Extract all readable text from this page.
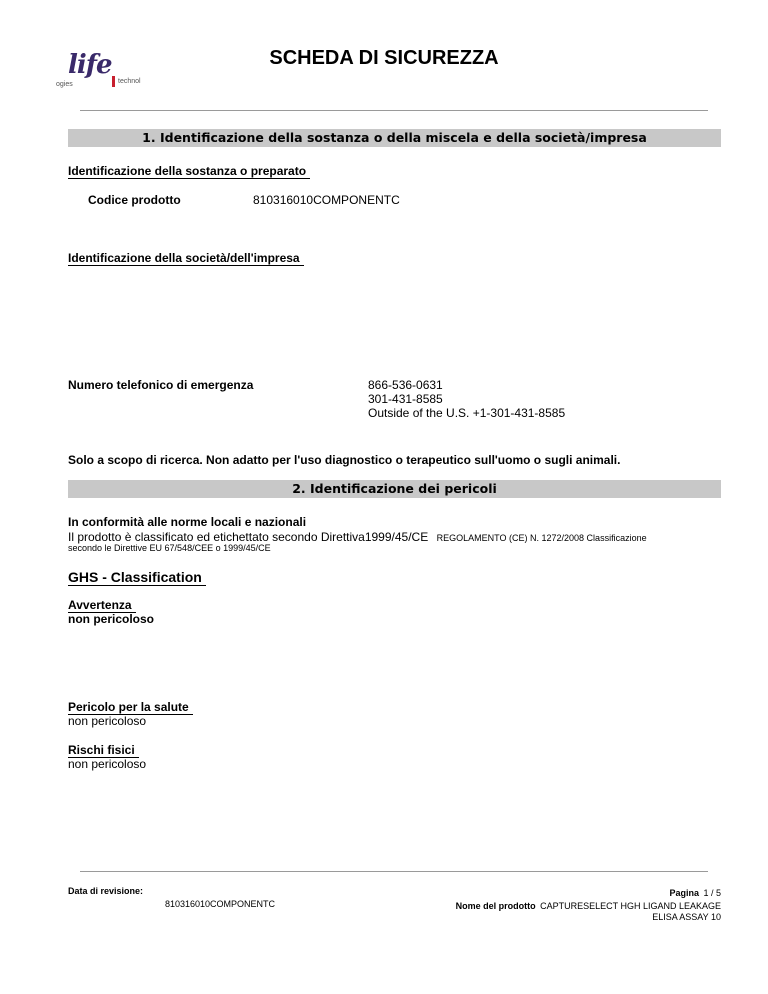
life
ogies	technol
SCHEDA DI SICUREZZA
1. Identificazione della sostanza o della miscela e della società/impresa
Identificazione della sostanza o preparato
Codice prodotto	810316010COMPONENTC
Identificazione della società/dell'impresa
Numero telefonico di emergenza	866-536-0631
301-431-8585
Outside of the U.S. +1-301-431-8585
Solo a scopo di ricerca. Non adatto per l'uso diagnostico o terapeutico sull'uomo o sugli animali.
2. Identificazione dei pericoli
In conformità alle norme locali e nazionali
Il prodotto è classificato ed etichettato secondo Direttiva1999/45/CE REGOLAMENTO (CE) N. 1272/2008 Classificazione
secondo le Direttive EU 67/548/CEE o 1999/45/CE
GHS - Classification
Avvertenza
non pericoloso
Pericolo per la salute
non pericoloso
Rischi fisici
non pericoloso
Data di revisione:
810316010COMPONENTC
Pagina 1 / 5
Nome del prodotto CAPTURESELECT HGH LIGAND LEAKAGE
ELISA ASSAY 10
